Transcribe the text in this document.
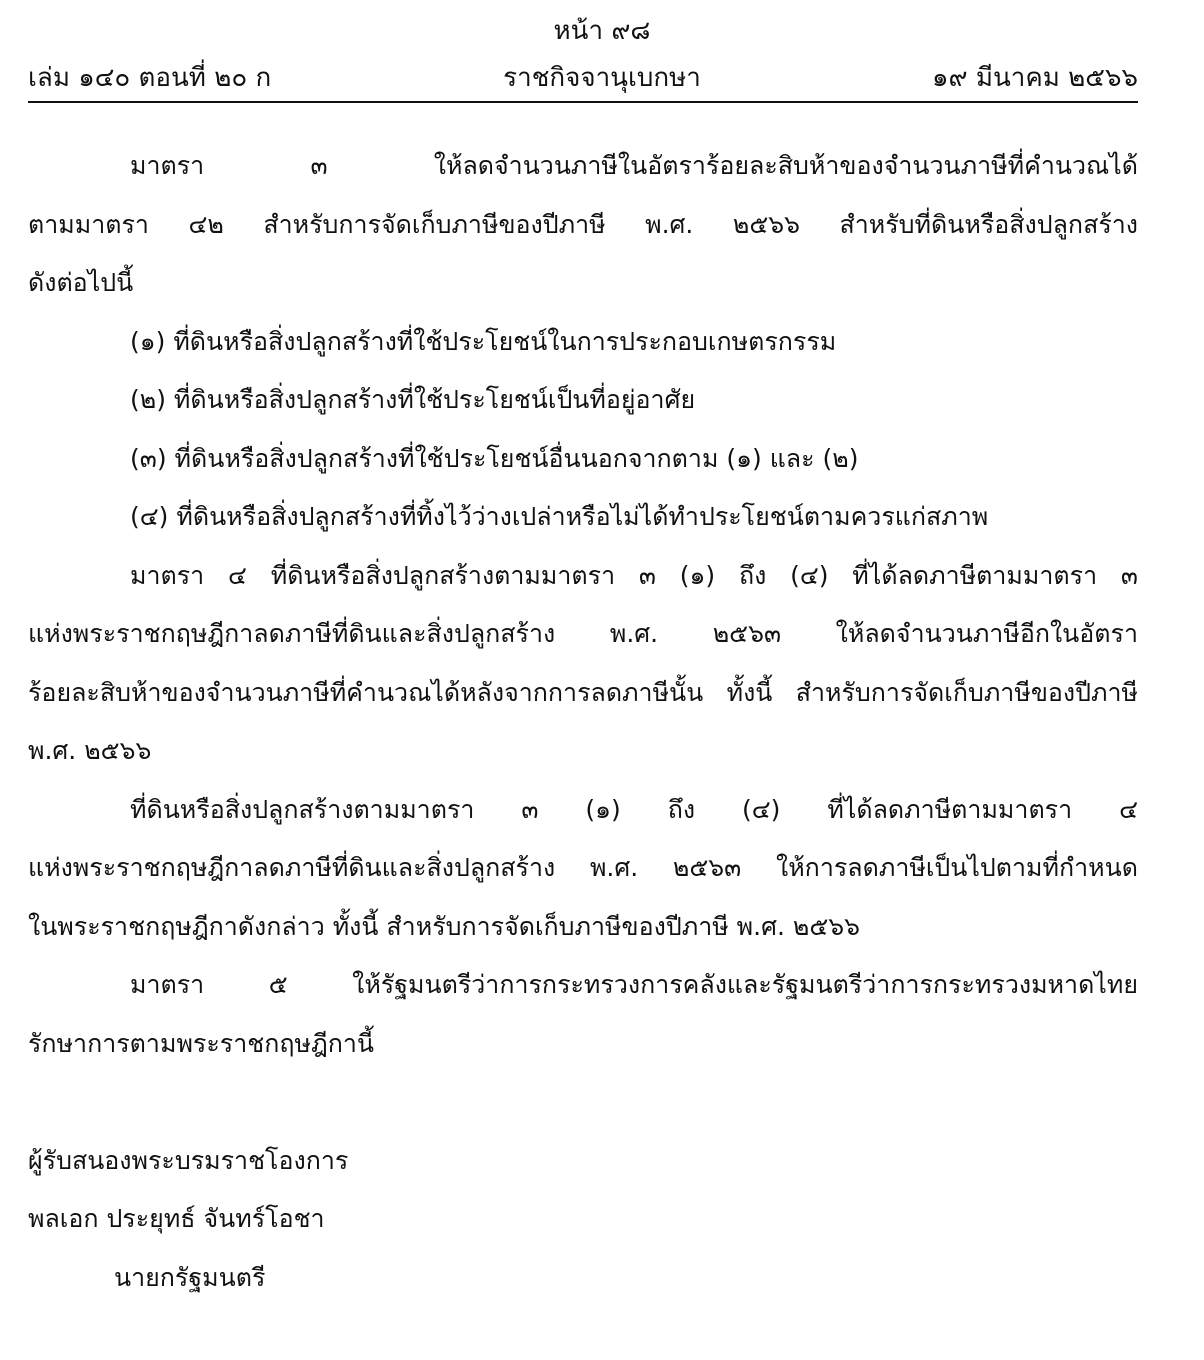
หน้า ๙๘
เล่ม ๑๔๐ ตอนที่ ๒๐ ก	ราชกิจจานุเบกษา	๑๙ มีนาคม ๒๕๖๖
มาตรา ๓ ให้ลดจำนวนภาษีในอัตราร้อยละสิบห้าของจำนวนภาษีที่คำนวณได้
ตามมาตรา ๔๒ สำหรับการจัดเก็บภาษีของปีภาษี พ.ศ. ๒๕๖๖ สำหรับที่ดินหรือสิ่งปลูกสร้าง
ดังต่อไปนี้
(๑) ที่ดินหรือสิ่งปลูกสร้างที่ใช้ประโยชน์ในการประกอบเกษตรกรรม
(๒) ที่ดินหรือสิ่งปลูกสร้างที่ใช้ประโยชน์เป็นที่อยู่อาศัย
(๓) ที่ดินหรือสิ่งปลูกสร้างที่ใช้ประโยชน์อื่นนอกจากตาม (๑) และ (๒)
(๔) ที่ดินหรือสิ่งปลูกสร้างที่ทิ้งไว้ว่างเปล่าหรือไม่ได้ทำประโยชน์ตามควรแก่สภาพ
มาตรา ๔ ที่ดินหรือสิ่งปลูกสร้างตามมาตรา ๓ (๑) ถึง (๔) ที่ได้ลดภาษีตามมาตรา ๓
แห่งพระราชกฤษฎีกาลดภาษีที่ดินและสิ่งปลูกสร้าง พ.ศ. ๒๕๖๓ ให้ลดจำนวนภาษีอีกในอัตรา
ร้อยละสิบห้าของจำนวนภาษีที่คำนวณได้หลังจากการลดภาษีนั้น ทั้งนี้ สำหรับการจัดเก็บภาษีของปีภาษี
พ.ศ. ๒๕๖๖
ที่ดินหรือสิ่งปลูกสร้างตามมาตรา ๓ (๑) ถึง (๔) ที่ได้ลดภาษีตามมาตรา ๔
แห่งพระราชกฤษฎีกาลดภาษีที่ดินและสิ่งปลูกสร้าง พ.ศ. ๒๕๖๓ ให้การลดภาษีเป็นไปตามที่กำหนด
ในพระราชกฤษฎีกาดังกล่าว ทั้งนี้ สำหรับการจัดเก็บภาษีของปีภาษี พ.ศ. ๒๕๖๖
มาตรา ๕ ให้รัฐมนตรีว่าการกระทรวงการคลังและรัฐมนตรีว่าการกระทรวงมหาดไทย
รักษาการตามพระราชกฤษฎีกานี้
ผู้รับสนองพระบรมราชโองการ
พลเอก ประยุทธ์ จันทร์โอชา
นายกรัฐมนตรี
